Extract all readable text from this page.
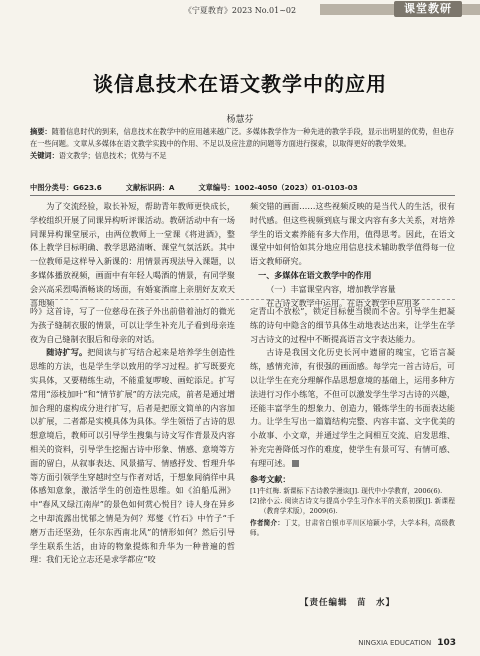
《宁夏教育》2023 No.01~02	课堂教研
谈信息技术在语文教学中的应用
杨慧芬
摘要：随着信息时代的到来，信息技术在教学中的应用越来越广泛。多媒体教学作为一种先进的教学手段，显示出明显的优势，但也存在一些问题。文章从多媒体在语文教学实践中的作用、不足以及应注意的问题等方面进行探索，以取得更好的教学效果。
关键词：语文教学；信息技术；优势与不足
中图分类号：G623.6	文献标识码：A	文章编号：1002-4050（2023）01-0103-03

为了交流经验，取长补短，帮助青年教师更快成长，学校组织开展了同课异构听评课活动。教研活动中有一场同课异构课堂展示，由两位教师上一堂课《将进酒》，整体上教学目标明确、教学思路清晰、课堂气氛活跃。其中一位教师是这样导入新课的：用情景再现法导入课题，以多媒体播放视频，画面中有年轻人喝酒的情景，有同学聚会兴高采烈喝酒畅谈的场面，有婚宴酒席上亲朋好友欢天喜地频

频交错的画面……这些视频反映的是当代人的生活，很有时代感。但这些视频到底与课文内容有多大关系，对培养学生的语文素养能有多大作用，值得思考。因此，在语文课堂中如何恰如其分地应用信息技术辅助教学值得每一位语文教师研究。

一、多媒体在语文教学中的作用

（一）丰富课堂内容，增加教学容量

在古诗文教学中运用。在语文教学中应用多

吟》这首诗，写了一位慈母在孩子外出前借着油灯的微光为孩子缝制衣服的情景，可以让学生补充儿子看到母亲连夜为自己缝制衣服后和母亲的对话。

随诗扩写。把阅读与扩写结合起来是培养学生创造性思维的方法，也是学生学以致用的学习过程。扩写既要充实具体，又要精练生动，不能重复啰唆、画蛇添足。扩写常用“添枝加叶”和“情节扩展”的方法完成，前者是通过增加合理的虚构成分进行扩写，后者是把原文简单的内容加以扩展，二者都是实模具体为具体。学生领悟了古诗的思想意境后，教师可以引导学生搜集与诗文写作背景及内容相关的资料，引导学生挖掘古诗中形象、情感、意境等方面的留白，从叙事表达、风景描写、情感抒发、哲理升华等方面引领学生穿越时空与作者对话，于想象间徜徉中具体感知意象，激活学生的创造性思维。如《泊船瓜洲》中“春风又绿江南岸”的景色如何赏心悦目？诗人身在异乡之中却流露出忧郁之情是为何？郑燮《竹石》中竹子“千磨万击还坚劲，任尔东西南北风”的情形如何？然后引导学生联系生活，由诗的物象提炼和升华为一种普遍的哲理：我们无论立志还是求学都应“咬

定青山不放松”，锁定目标便当锲而不舍。引导学生把凝练的诗句中隐含的细节具体生动地表达出来，让学生在学习古诗文的过程中不断提高语言文字表达能力。

古诗是我国文化历史长河中遗留的瑰宝，它语言凝练，感情充沛，有很强的画面感。每学完一首古诗后，可以让学生在充分理解作品思想意境的基础上，运用多种方法进行习作小练笔，不但可以激发学生学习古诗的兴趣，还能丰富学生的想象力、创造力，锻炼学生的书面表达能力。让学生写出一篇篇结构完整、内容丰富、文字优美的小故事、小文章，并通过学生之间相互交流、启发思维、补充完善降低习作的难度，使学生有景可写、有情可感、有理可述。

参考文献：

[1]牛红梅. 新课标下古诗教学漫谈[J]. 现代中小学教育，2006(6).

[2]徐小云. 阅读古诗文与提高小学生习作水平的关系初探[J]. 新课程（教育学术版），2009(6).

作者简介：丁艾，甘肃省白银市平川区培颖小学，大学本科，高级教师。
【责任编辑　苗　水】
NINGXIA EDUCATION 103
